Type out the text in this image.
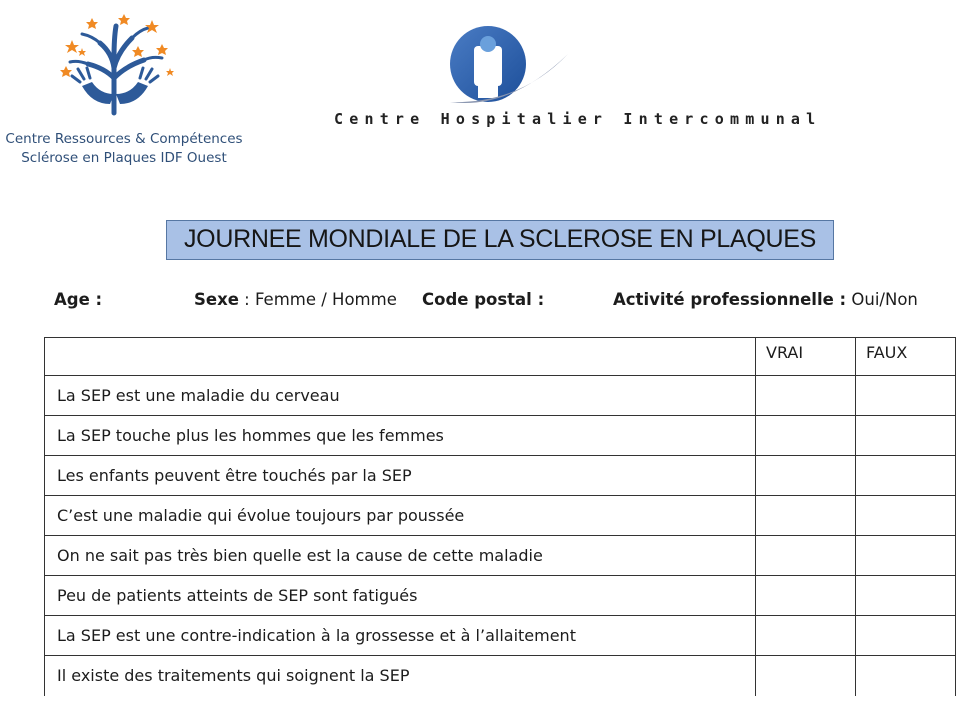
Centre Ressources & Compétences
Sclérose en Plaques IDF Ouest
Centre Hospitalier Intercommunal
JOURNEE MONDIALE DE LA SCLEROSE EN PLAQUES
Age :	Sexe : Femme / Homme Code postal :	Activité professionnelle : Oui/Non
	VRAI	FAUX
La SEP est une maladie du cerveau		
La SEP touche plus les hommes que les femmes		
Les enfants peuvent être touchés par la SEP		
C’est une maladie qui évolue toujours par poussée		
On ne sait pas très bien quelle est la cause de cette maladie		
Peu de patients atteints de SEP sont fatigués		
La SEP est une contre-indication à la grossesse et à l’allaitement		
Il existe des traitements qui soignent la SEP		
